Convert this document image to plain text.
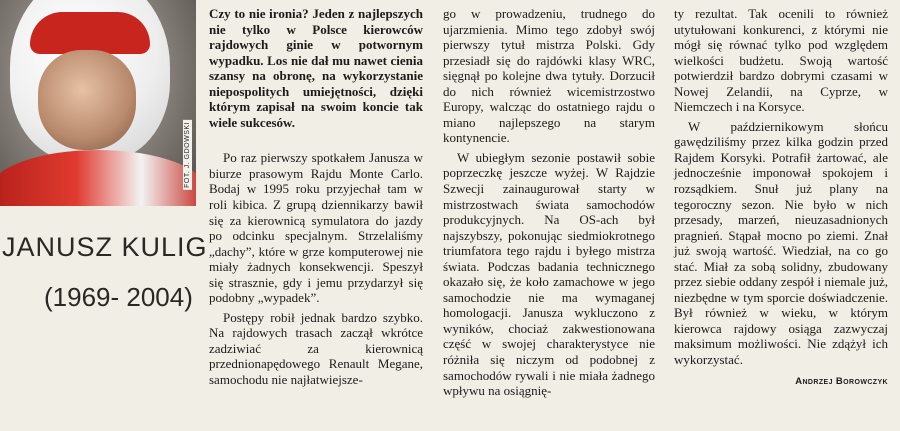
FOT. J. GDOWSKI
JANUSZ KULIG
(1969- 2004)

Czy to nie ironia? Jeden z najlepszych nie tylko w Polsce kierowców rajdowych ginie w potwornym wypadku. Los nie dał mu nawet cienia szansy na obronę, na wykorzystanie niepospolitych umiejętności, dzięki którym zapisał na swoim koncie tak wiele sukcesów.

Po raz pierwszy spotkałem Janusza w biurze prasowym Rajdu Monte Carlo. Bodaj w 1995 roku przyjechał tam w roli kibica. Z grupą dziennikarzy bawił się za kierownicą symulatora do jazdy po odcinku specjalnym. Strzelaliśmy „dachy”, które w grze komputerowej nie miały żadnych konsekwencji. Speszył się strasznie, gdy i jemu przydarzył się podobny „wypadek”.

Postępy robił jednak bardzo szybko. Na rajdowych trasach zaczął wkrótce zadziwiać za kierownicą przednionapędowego Renault Megane, samochodu nie najłatwiejsze-

go w prowadzeniu, trudnego do ujarzmienia. Mimo tego zdobył swój pierwszy tytuł mistrza Polski. Gdy przesiadł się do rajdówki klasy WRC, sięgnął po kolejne dwa tytuły. Dorzucił do nich również wicemistrzostwo Europy, walcząc do ostatniego rajdu o miano najlepszego na starym kontynencie.

W ubiegłym sezonie postawił sobie poprzeczkę jeszcze wyżej. W Rajdzie Szwecji zainaugurował starty w mistrzostwach świata samochodów produkcyjnych. Na OS-ach był najszybszy, pokonując siedmiokrotnego triumfatora tego rajdu i byłego mistrza świata. Podczas badania technicznego okazało się, że koło zamachowe w jego samochodzie nie ma wymaganej homologacji. Janusza wykluczono z wyników, chociaż zakwestionowana część w swojej charakterystyce nie różniła się niczym od podobnej z samochodów rywali i nie miała żadnego wpływu na osiągnię-

ty rezultat. Tak ocenili to również utytułowani konkurenci, z którymi nie mógł się równać tylko pod względem wielkości budżetu. Swoją wartość potwierdził bardzo dobrymi czasami w Nowej Zelandii, na Cyprze, w Niemczech i na Korsyce.

W październikowym słońcu gawędziliśmy przez kilka godzin przed Rajdem Korsyki. Potrafił żartować, ale jednocześnie imponował spokojem i rozsądkiem. Snuł już plany na tegoroczny sezon. Nie było w nich przesady, marzeń, nieuzasadnionych pragnień. Stąpał mocno po ziemi. Znał już swoją wartość. Wiedział, na co go stać. Miał za sobą solidny, zbudowany przez siebie oddany zespół i niemale już, niezbędne w tym sporcie doświadczenie. Był również w wieku, w którym kierowca rajdowy osiąga zazwyczaj maksimum możliwości. Nie zdążył ich wykorzystać.

Andrzej Borowczyk
